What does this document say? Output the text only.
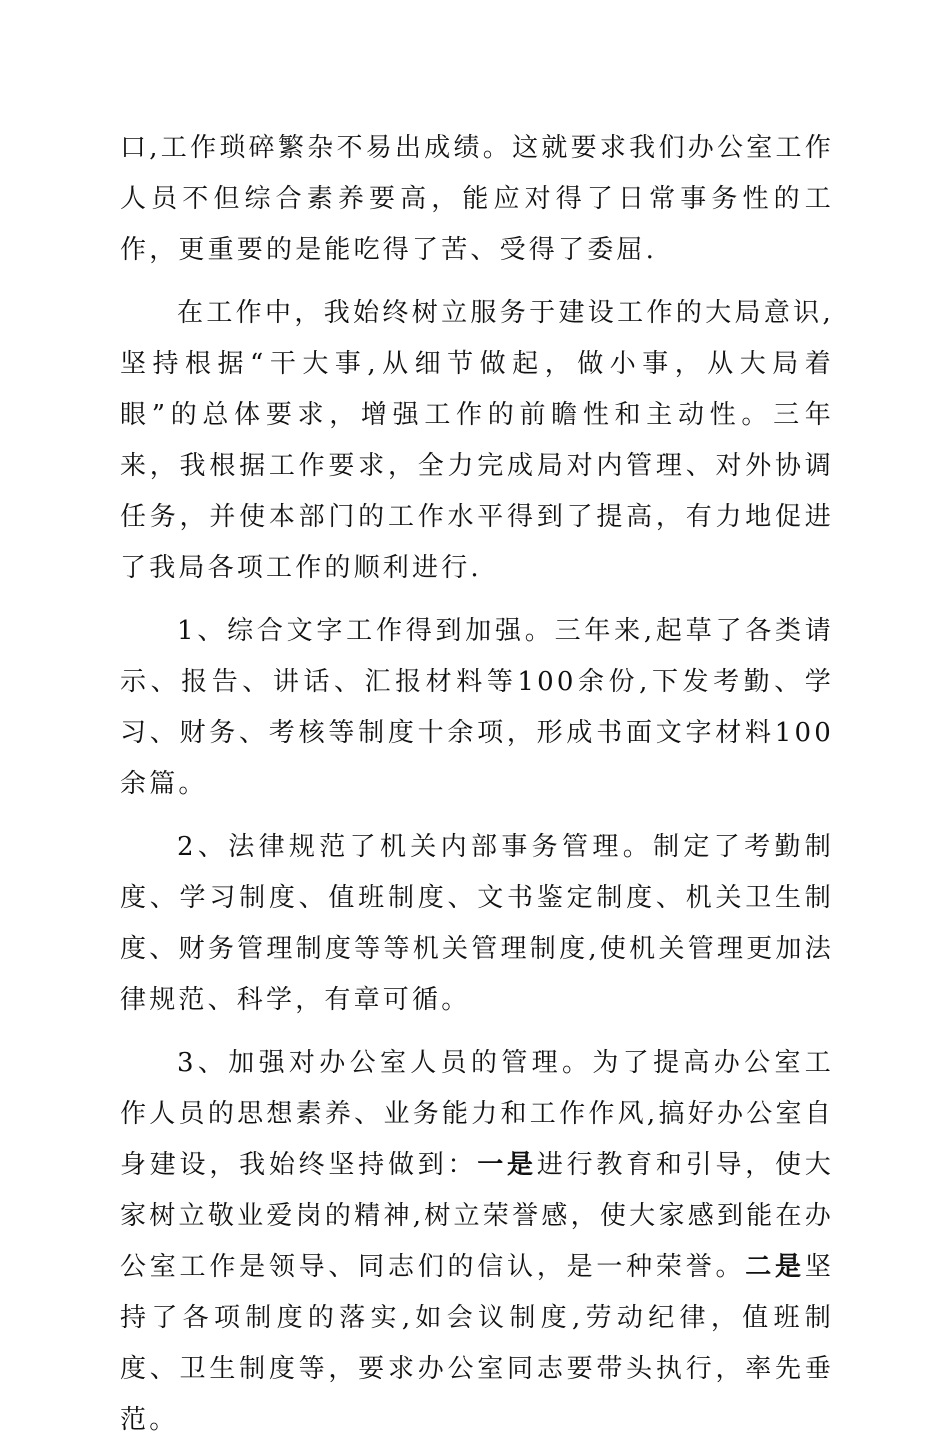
口,工作琐碎繁杂不易出成绩。这就要求我们办公室工作人员不但综合素养要高，能应对得了日常事务性的工作，更重要的是能吃得了苦、受得了委屈.

在工作中，我始终树立服务于建设工作的大局意识,坚持根据“干大事,从细节做起，做小事，从大局着眼”的总体要求，增强工作的前瞻性和主动性。三年来，我根据工作要求，全力完成局对内管理、对外协调任务，并使本部门的工作水平得到了提高，有力地促进了我局各项工作的顺利进行.

1、综合文字工作得到加强。三年来,起草了各类请示、报告、讲话、汇报材料等100余份,下发考勤、学习、财务、考核等制度十余项，形成书面文字材料100余篇。

2、法律规范了机关内部事务管理。制定了考勤制度、学习制度、值班制度、文书鉴定制度、机关卫生制度、财务管理制度等等机关管理制度,使机关管理更加法律规范、科学，有章可循。

3、加强对办公室人员的管理。为了提高办公室工作人员的思想素养、业务能力和工作作风,搞好办公室自身建设，我始终坚持做到：一是进行教育和引导，使大家树立敬业爱岗的精神,树立荣誉感，使大家感到能在办公室工作是领导、同志们的信认，是一种荣誉。二是坚持了各项制度的落实,如会议制度,劳动纪律，值班制度、卫生制度等，要求办公室同志要带头执行，率先垂范。
